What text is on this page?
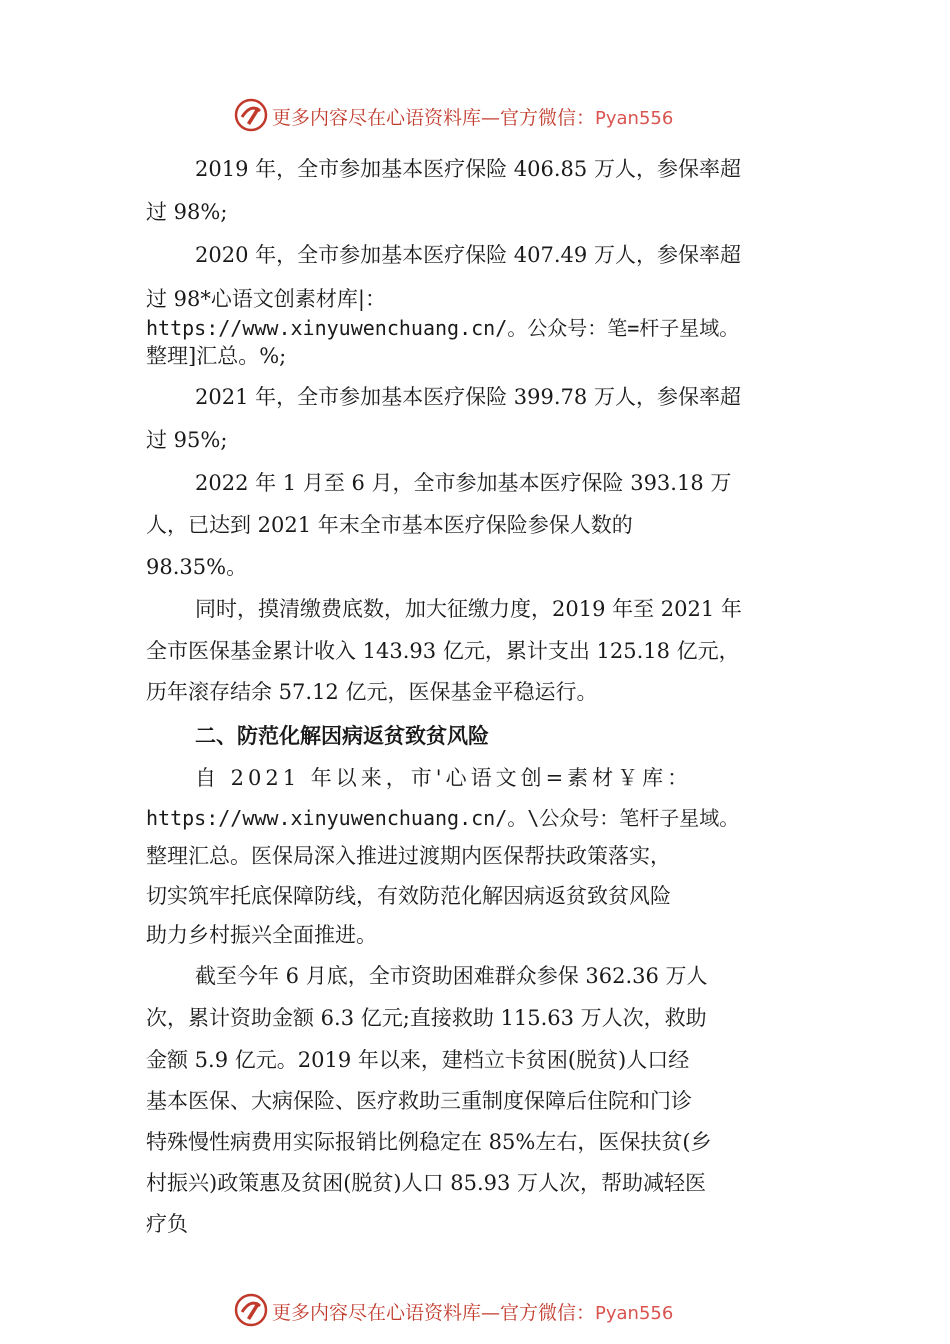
更多内容尽在心语资料库—官方微信：Pyan556
2019 年，全市参加基本医疗保险 406.85 万人，参保率超
过 98%;
2020 年，全市参加基本医疗保险 407.49 万人，参保率超
过 98*心语文创素材库|：
https://www.xinyuwenchuang.cn/。公众号：笔=杆子星域。
整理]汇总。%;
2021 年，全市参加基本医疗保险 399.78 万人，参保率超
过 95%;
2022 年 1 月至 6 月，全市参加基本医疗保险 393.18 万
人，已达到 2021 年末全市基本医疗保险参保人数的
98.35%。
同时，摸清缴费底数，加大征缴力度，2019 年至 2021 年
全市医保基金累计收入 143.93 亿元，累计支出 125.18 亿元，
历年滚存结余 57.12 亿元，医保基金平稳运行。
二、防范化解因病返贫致贫风险
自 2021 年以来，市'心语文创=素材￥库：
https://www.xinyuwenchuang.cn/。\公众号：笔杆子星域。
整理汇总。医保局深入推进过渡期内医保帮扶政策落实，
切实筑牢托底保障防线，有效防范化解因病返贫致贫风险
助力乡村振兴全面推进。
截至今年 6 月底，全市资助困难群众参保 362.36 万人
次，累计资助金额 6.3 亿元;直接救助 115.63 万人次，救助
金额 5.9 亿元。2019 年以来，建档立卡贫困(脱贫)人口经
基本医保、大病保险、医疗救助三重制度保障后住院和门诊
特殊慢性病费用实际报销比例稳定在 85%左右，医保扶贫(乡
村振兴)政策惠及贫困(脱贫)人口 85.93 万人次，帮助减轻医
疗负
更多内容尽在心语资料库—官方微信：Pyan556
